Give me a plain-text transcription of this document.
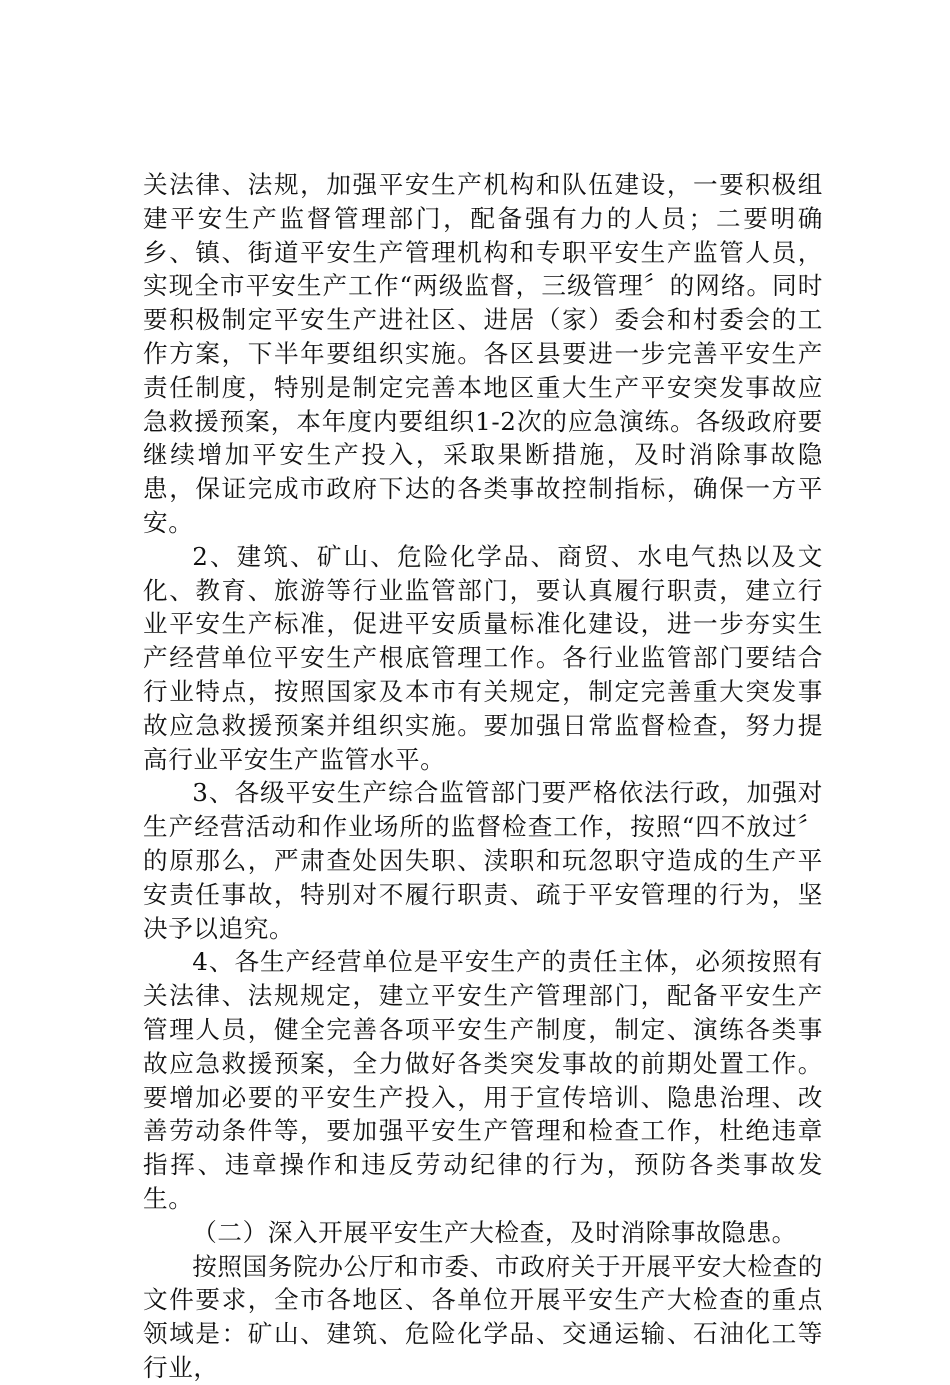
关法律、法规，加强平安生产机构和队伍建设，一要积极组建平安生产监督管理部门，配备强有力的人员；二要明确乡、镇、街道平安生产管理机构和专职平安生产监管人员，实现全市平安生产工作“两级监督，三级管理〞的网络。同时要积极制定平安生产进社区、进居（家）委会和村委会的工作方案，下半年要组织实施。各区县要进一步完善平安生产责任制度，特别是制定完善本地区重大生产平安突发事故应急救援预案，本年度内要组织1-2次的应急演练。各级政府要继续增加平安生产投入，采取果断措施，及时消除事故隐患，保证完成市政府下达的各类事故控制指标，确保一方平安。

2、建筑、矿山、危险化学品、商贸、水电气热以及文化、教育、旅游等行业监管部门，要认真履行职责，建立行业平安生产标准，促进平安质量标准化建设，进一步夯实生产经营单位平安生产根底管理工作。各行业监管部门要结合行业特点，按照国家及本市有关规定，制定完善重大突发事故应急救援预案并组织实施。要加强日常监督检查，努力提高行业平安生产监管水平。

3、各级平安生产综合监管部门要严格依法行政，加强对生产经营活动和作业场所的监督检查工作，按照“四不放过〞的原那么，严肃查处因失职、渎职和玩忽职守造成的生产平安责任事故，特别对不履行职责、疏于平安管理的行为，坚决予以追究。

4、各生产经营单位是平安生产的责任主体，必须按照有关法律、法规规定，建立平安生产管理部门，配备平安生产管理人员，健全完善各项平安生产制度，制定、演练各类事故应急救援预案，全力做好各类突发事故的前期处置工作。要增加必要的平安生产投入，用于宣传培训、隐患治理、改善劳动条件等，要加强平安生产管理和检查工作，杜绝违章指挥、违章操作和违反劳动纪律的行为，预防各类事故发生。

（二）深入开展平安生产大检查，及时消除事故隐患。

按照国务院办公厅和市委、市政府关于开展平安大检查的文件要求，全市各地区、各单位开展平安生产大检查的重点领域是：矿山、建筑、危险化学品、交通运输、石油化工等行业，
